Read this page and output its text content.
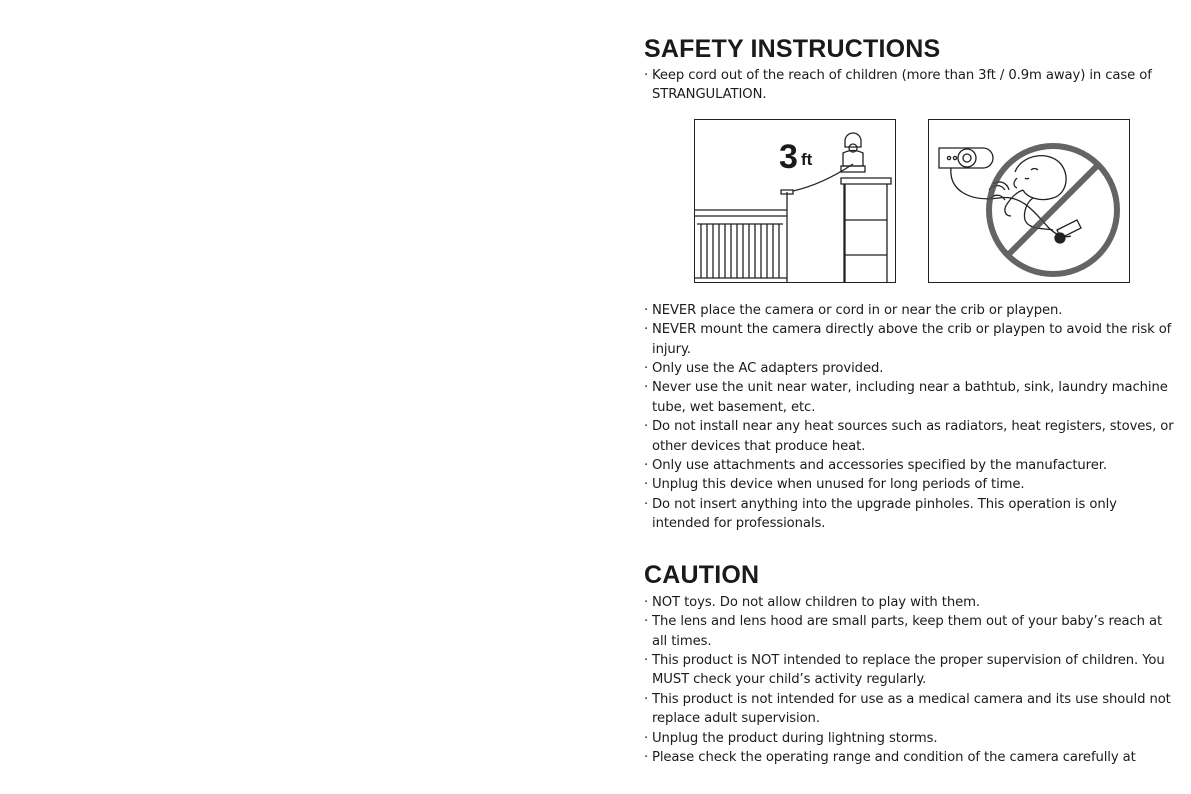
SAFETY INSTRUCTIONS
· Keep cord out of the reach of children (more than 3ft / 0.9m away) in case of STRANGULATION.
3 ft
· NEVER place the camera or cord in or near the crib or playpen.
· NEVER mount the camera directly above the crib or playpen to avoid the risk of injury.
· Only use the AC adapters provided.
· Never use the unit near water, including near a bathtub, sink, laundry machine tube, wet basement, etc.
· Do not install near any heat sources such as radiators, heat registers, stoves, or other devices that produce heat.
· Only use attachments and accessories specified by the manufacturer.
· Unplug this device when unused for long periods of time.
· Do not insert anything into the upgrade pinholes. This operation is only intended for professionals.
CAUTION
· NOT toys. Do not allow children to play with them.
· The lens and lens hood are small parts, keep them out of your baby’s reach at all times.
· This product is NOT intended to replace the proper supervision of children. You MUST check your child’s activity regularly.
· This product is not intended for use as a medical camera and its use should not replace adult supervision.
· Unplug the product during lightning storms.
· Please check the operating range and condition of the camera carefully at
